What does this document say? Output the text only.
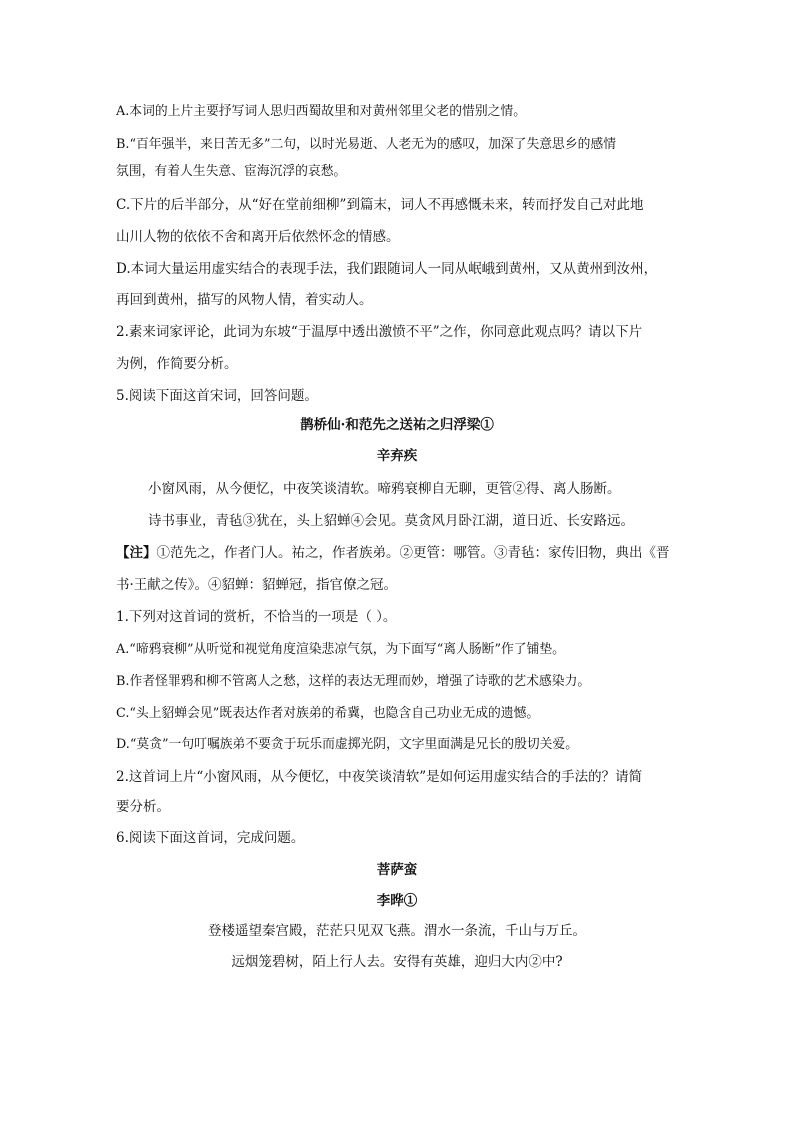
A.本词的上片主要抒写词人思归西蜀故里和对黄州邻里父老的惜别之情。
B.“百年强半，来日苦无多”二句，以时光易逝、人老无为的感叹，加深了失意思乡的感情
氛围，有着人生失意、宦海沉浮的哀愁。
C.下片的后半部分，从“好在堂前细柳”到篇末，词人不再感慨未来，转而抒发自己对此地
山川人物的依依不舍和离开后依然怀念的情感。
D.本词大量运用虚实结合的表现手法，我们跟随词人一同从岷峨到黄州，又从黄州到汝州，
再回到黄州，描写的风物人情，着实动人。
2.素来词家评论，此词为东坡“于温厚中透出激愤不平”之作，你同意此观点吗？请以下片
为例，作简要分析。
5.阅读下面这首宋词，回答问题。
鹊桥仙·和范先之送祐之归浮梁①
辛弃疾
小窗风雨，从今便忆，中夜笑谈清软。啼鸦衰柳自无聊，更管②得、离人肠断。
诗书事业，青毡③犹在，头上貂蝉④会见。莫贪风月卧江湖，道日近、长安路远。
【注】①范先之，作者门人。祐之，作者族弟。②更管：哪管。③青毡：家传旧物，典出《晋
书·王献之传》。④貂蝉：貂蝉冠，指官僚之冠。
1.下列对这首词的赏析，不恰当的一项是（ ）。
A.“啼鸦衰柳”从听觉和视觉角度渲染悲凉气氛，为下面写“离人肠断”作了铺垫。
B.作者怪罪鸦和柳不管离人之愁，这样的表达无理而妙，增强了诗歌的艺术感染力。
C.“头上貂蝉会见”既表达作者对族弟的希冀，也隐含自己功业无成的遗憾。
D.“莫贪”一句叮嘱族弟不要贪于玩乐而虚掷光阴，文字里面满是兄长的殷切关爱。
2.这首词上片“小窗风雨，从今便忆，中夜笑谈清软”是如何运用虚实结合的手法的？请简
要分析。
6.阅读下面这首词，完成问题。
菩萨蛮
李晔①
登楼遥望秦宫殿，茫茫只见双飞燕。渭水一条流，千山与万丘。
远烟笼碧树，陌上行人去。安得有英雄，迎归大内②中?
